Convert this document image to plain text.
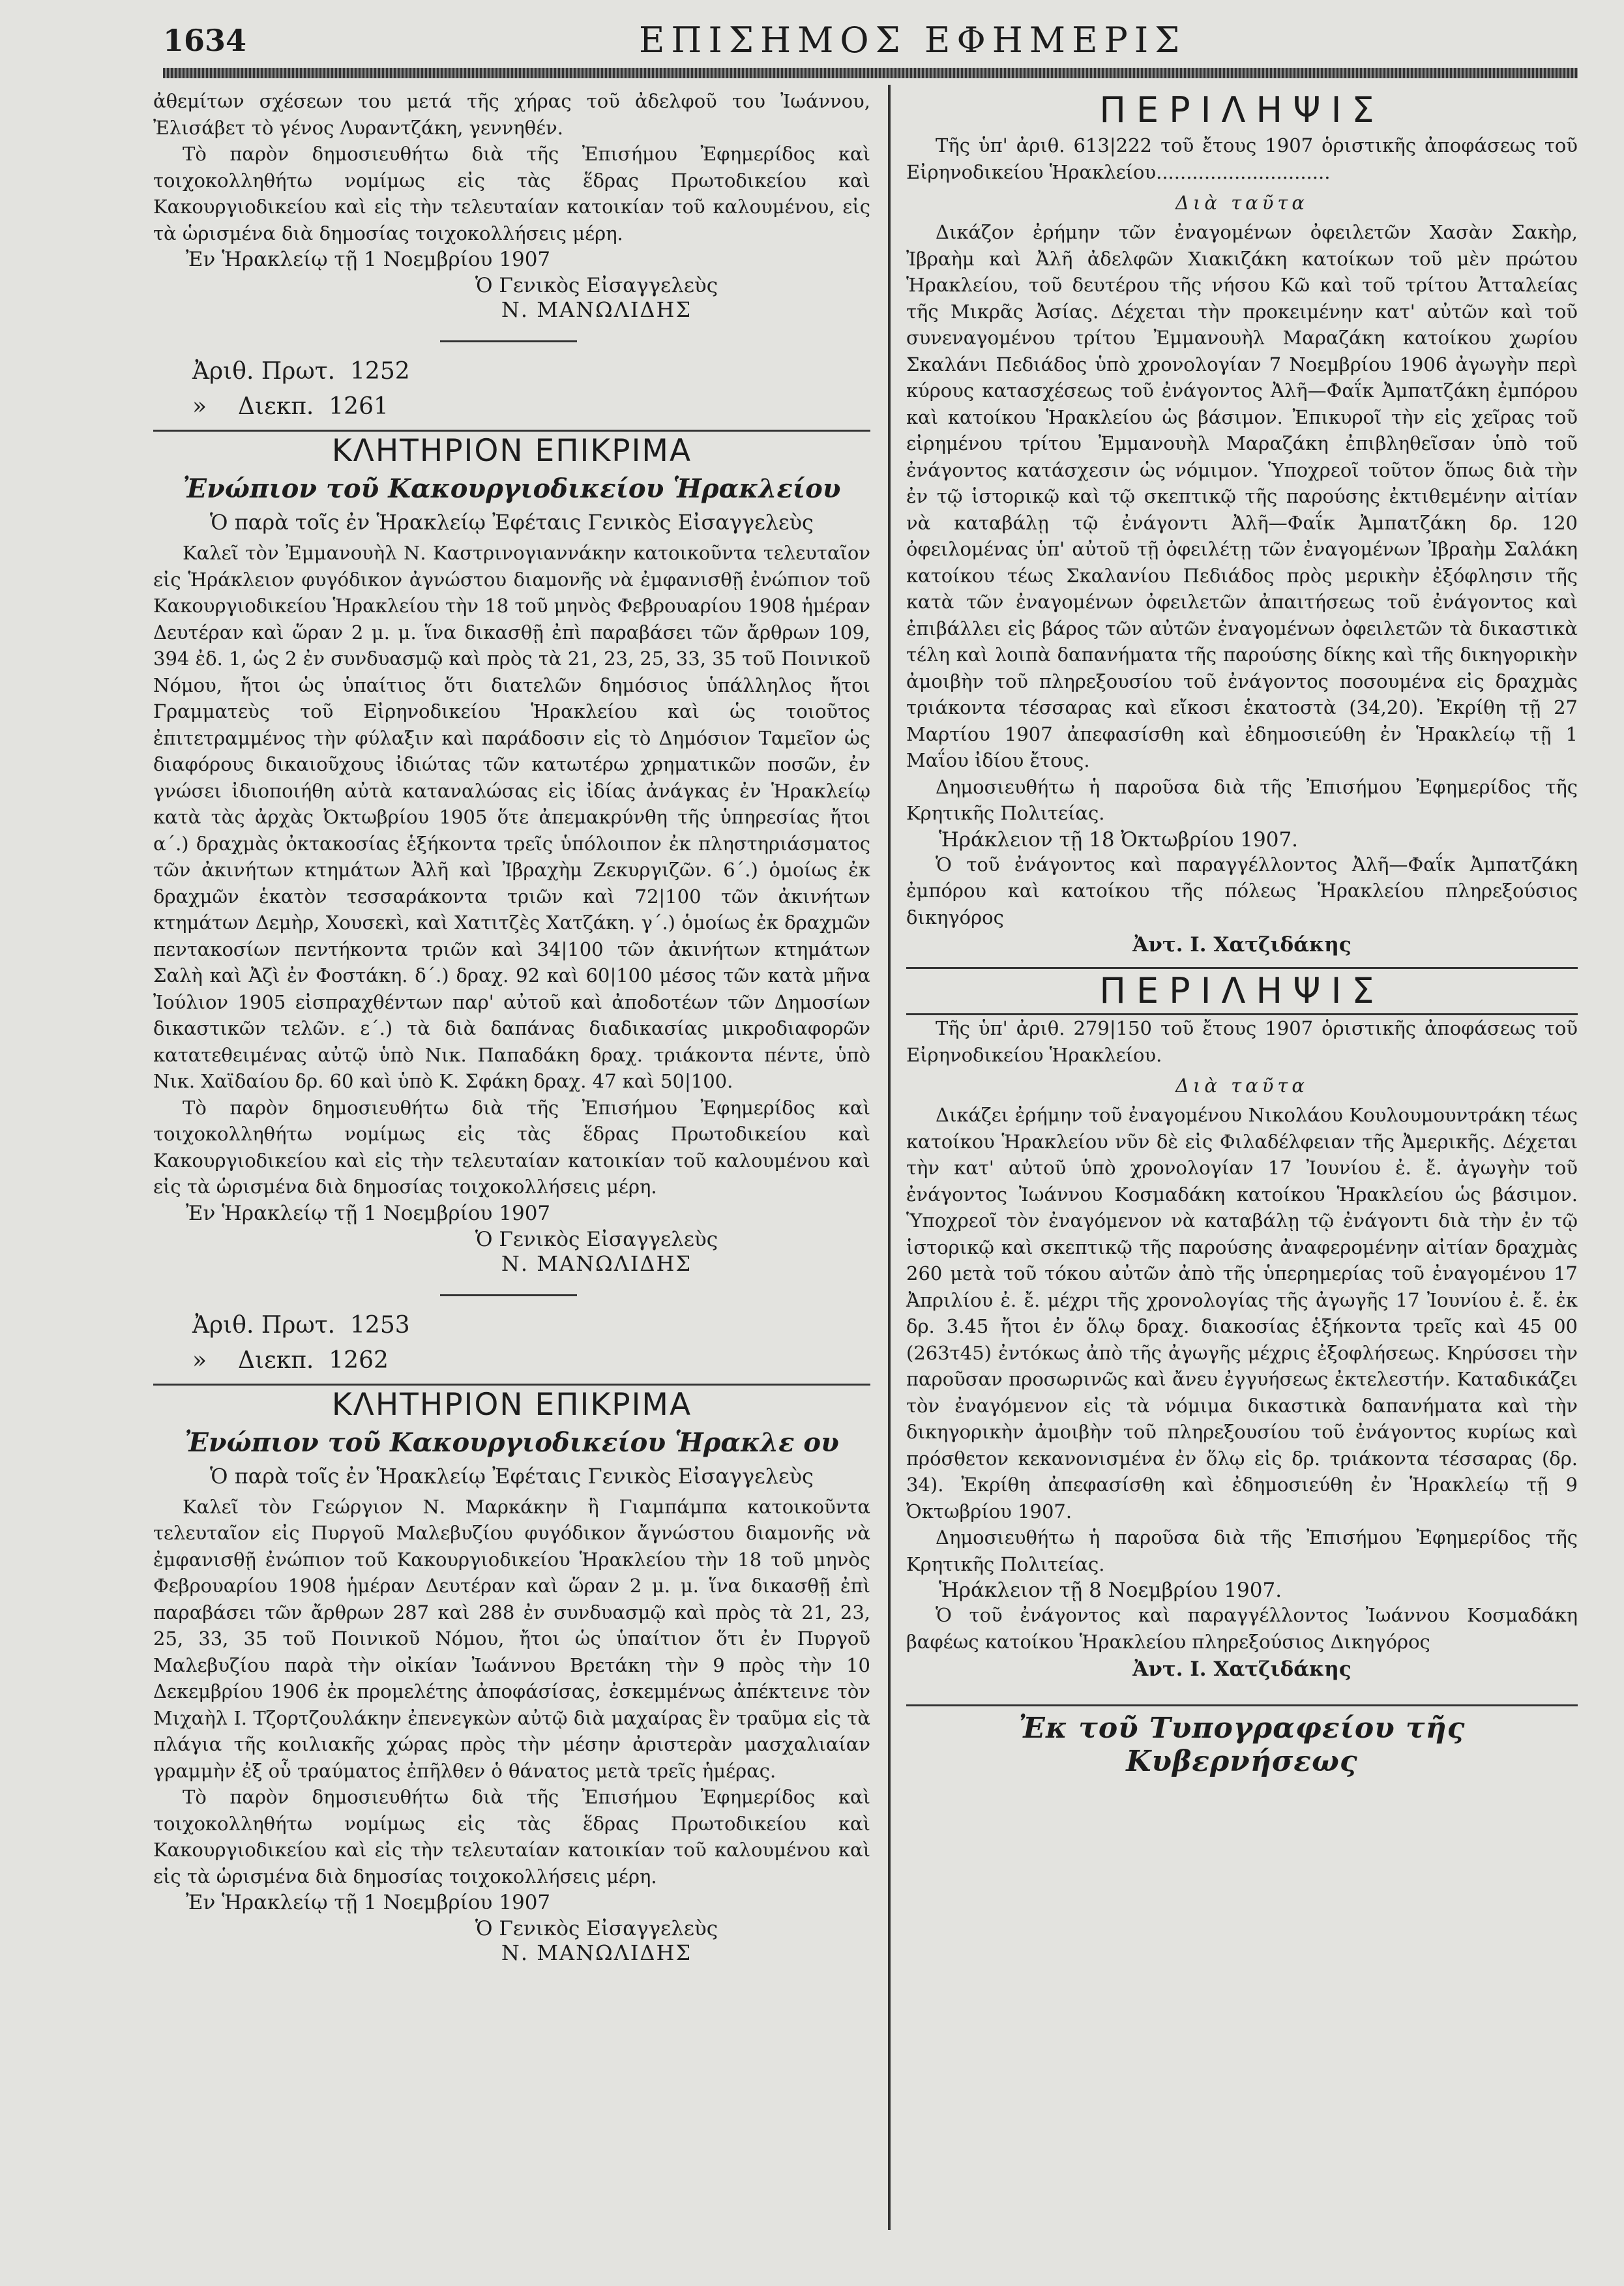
1634	ΕΠΙΣΗΜΟΣ ΕΦΗΜΕΡΙΣ

ἀθεμίτων σχέσεων του μετά τῆς χήρας τοῦ ἀδελφοῦ του Ἰωάννου, Ἐλισάβετ τὸ γένος Λυραντζάκη, γεννηθέν.

Τὸ παρὸν δημοσιευθήτω διὰ τῆς Ἐπισήμου Ἐφημερίδος καὶ τοιχοκολληθήτω νομίμως εἰς τὰς ἕδρας Πρωτοδικείου καὶ Κακουργιοδικείου καὶ εἰς τὴν τελευταίαν κατοικίαν τοῦ καλουμένου, εἰς τὰ ὡρισμένα διὰ δημοσίας τοιχοκολλήσεις μέρη.

Ἐν Ἡρακλείῳ τῇ 1 Νοεμβρίου 1907
Ὁ Γενικὸς Εἰσαγγελεὺς
Ν. ΜΑΝΩΛΙΔΗΣ
Ἀριθ. Πρωτ. 1252
» Διεκπ. 1261
ΚΛΗΤΗΡΙΟΝ ΕΠΙΚΡΙΜΑ
Ἐνώπιον τοῦ Κακουργιοδικείου Ἡρακλείου
Ὁ παρὰ τοῖς ἐν Ἡρακλείῳ Ἐφέταις Γενικὸς Εἰσαγγελεὺς

Καλεῖ τὸν Ἐμμανουὴλ Ν. Καστρινογιαννάκην κατοικοῦντα τελευταῖον εἰς Ἡράκλειον φυγόδικον ἀγνώστου διαμονῆς νὰ ἐμφανισθῇ ἐνώπιον τοῦ Κακουργιοδικείου Ἡρακλείου τὴν 18 τοῦ μηνὸς Φεβρουαρίου 1908 ἡμέραν Δευτέραν καὶ ὥραν 2 μ. μ. ἵνα δικασθῇ ἐπὶ παραβάσει τῶν ἄρθρων 109, 394 ἐδ. 1, ὡς 2 ἐν συνδυασμῷ καὶ πρὸς τὰ 21, 23, 25, 33, 35 τοῦ Ποινικοῦ Νόμου, ἤτοι ὡς ὑπαίτιος ὅτι διατελῶν δημόσιος ὑπάλληλος ἤτοι Γραμματεὺς τοῦ Εἰρηνοδικείου Ἡρακλείου καὶ ὡς τοιοῦτος ἐπιτετραμμένος τὴν φύλαξιν καὶ παράδοσιν εἰς τὸ Δημόσιον Ταμεῖον ὡς διαφόρους δικαιοῦχους ἰδιώτας τῶν κατωτέρω χρηματικῶν ποσῶν, ἐν γνώσει ἰδιοποιήθη αὐτὰ καταναλώσας εἰς ἰδίας ἀνάγκας ἐν Ἡρακλείῳ κατὰ τὰς ἀρχὰς Ὀκτωβρίου 1905 ὅτε ἀπεμακρύνθη τῆς ὑπηρεσίας ἤτοι α΄.) δραχμὰς ὀκτακοσίας ἑξήκοντα τρεῖς ὑπόλοιπον ἐκ πληστηριάσματος τῶν ἀκινήτων κτημάτων Ἀλῆ καὶ Ἰβραχὴμ Ζεκυργιζῶν. 6΄.) ὁμοίως ἐκ δραχμῶν ἑκατὸν τεσσαράκοντα τριῶν καὶ 72|100 τῶν ἀκινήτων κτημάτων Δεμὴρ, Χουσεκὶ, καὶ Χατιτζὲς Χατζάκη. γ΄.) ὁμοίως ἐκ δραχμῶν πεντακοσίων πεντήκοντα τριῶν καὶ 34|100 τῶν ἀκινήτων κτημάτων Σαλὴ καὶ Ἀζὶ ἐν Φοστάκη. δ΄.) δραχ. 92 καὶ 60|100 μέσος τῶν κατὰ μῆνα Ἰούλιον 1905 εἰσπραχθέντων παρ' αὐτοῦ καὶ ἀποδοτέων τῶν Δημοσίων δικαστικῶν τελῶν. ε΄.) τὰ διὰ δαπάνας διαδικασίας μικροδιαφορῶν κατατεθειμένας αὐτῷ ὑπὸ Νικ. Παπαδάκη δραχ. τριάκοντα πέντε, ὑπὸ Νικ. Χαϊδαίου δρ. 60 καὶ ὑπὸ Κ. Σφάκη δραχ. 47 καὶ 50|100.

Τὸ παρὸν δημοσιευθήτω διὰ τῆς Ἐπισήμου Ἐφημερίδος καὶ τοιχοκολληθήτω νομίμως εἰς τὰς ἕδρας Πρωτοδικείου καὶ Κακουργιοδικείου καὶ εἰς τὴν τελευταίαν κατοικίαν τοῦ καλουμένου καὶ εἰς τὰ ὡρισμένα διὰ δημοσίας τοιχοκολλήσεις μέρη.

Ἐν Ἡρακλείῳ τῇ 1 Νοεμβρίου 1907
Ὁ Γενικὸς Εἰσαγγελεὺς
Ν. ΜΑΝΩΛΙΔΗΣ
Ἀριθ. Πρωτ. 1253
» Διεκπ. 1262
ΚΛΗΤΗΡΙΟΝ ΕΠΙΚΡΙΜΑ
Ἐνώπιον τοῦ Κακουργιοδικείου Ἡρακλε ου
Ὁ παρὰ τοῖς ἐν Ἡρακλείῳ Ἐφέταις Γενικὸς Εἰσαγγελεὺς

Καλεῖ τὸν Γεώργιον Ν. Μαρκάκην ἢ Γιαμπάμπα κατοικοῦντα τελευταῖον εἰς Πυργοῦ Μαλεβυζίου φυγόδικον ἄγνώστου διαμονῆς νὰ ἐμφανισθῇ ἐνώπιον τοῦ Κακουργιοδικείου Ἡρακλείου τὴν 18 τοῦ μηνὸς Φεβρουαρίου 1908 ἡμέραν Δευτέραν καὶ ὥραν 2 μ. μ. ἵνα δικασθῇ ἐπὶ παραβάσει τῶν ἄρθρων 287 καὶ 288 ἐν συνδυασμῷ καὶ πρὸς τὰ 21, 23, 25, 33, 35 τοῦ Ποινικοῦ Νόμου, ἤτοι ὡς ὑπαίτιον ὅτι ἐν Πυργοῦ Μαλεβυζίου παρὰ τὴν οἰκίαν Ἰωάννου Βρετάκη τὴν 9 πρὸς τὴν 10 Δεκεμβρίου 1906 ἐκ προμελέτης ἀποφάσίσας, ἐσκεμμένως ἀπέκτεινε τὸν Μιχαὴλ Ι. Τζορτζουλάκην ἐπενεγκὼν αὐτῷ διὰ μαχαίρας ἓν τραῦμα εἰς τὰ πλάγια τῆς κοιλιακῆς χώρας πρὸς τὴν μέσην ἀριστερὰν μασχαλιαίαν γραμμὴν ἐξ οὗ τραύματος ἐπῆλθεν ὁ θάνατος μετὰ τρεῖς ἡμέρας.

Τὸ παρὸν δημοσιευθήτω διὰ τῆς Ἐπισήμου Ἐφημερίδος καὶ τοιχοκολληθήτω νομίμως εἰς τὰς ἕδρας Πρωτοδικείου καὶ Κακουργιοδικείου καὶ εἰς τὴν τελευταίαν κατοικίαν τοῦ καλουμένου καὶ εἰς τὰ ὡρισμένα διὰ δημοσίας τοιχοκολλήσεις μέρη.

Ἐν Ἡρακλείῳ τῇ 1 Νοεμβρίου 1907
Ὁ Γενικὸς Εἰσαγγελεὺς
Ν. ΜΑΝΩΛΙΔΗΣ
ΠΕΡΙΛΗΨΙΣ

Τῆς ὑπ' ἀριθ. 613|222 τοῦ ἔτους 1907 ὁριστικῆς ἀποφάσεως τοῦ Εἰρηνοδικείου Ἡρακλείου.............................

Διὰ ταῦτα

Δικάζον ἐρήμην τῶν ἐναγομένων ὀφειλετῶν Χασὰν Σακὴρ, Ἰβραὴμ καὶ Ἀλῆ ἀδελφῶν Χιακιζάκη κατοίκων τοῦ μὲν πρώτου Ἡρακλείου, τοῦ δευτέρου τῆς νήσου Κῶ καὶ τοῦ τρίτου Ἀτταλείας τῆς Μικρᾶς Ἀσίας. Δέχεται τὴν προκειμένην κατ' αὐτῶν καὶ τοῦ συνεναγομένου τρίτου Ἐμμανουὴλ Μαραζάκη κατοίκου χωρίου Σκαλάνι Πεδιάδος ὑπὸ χρονολογίαν 7 Νοεμβρίου 1906 ἀγωγὴν περὶ κύρους κατασχέσεως τοῦ ἐνάγοντος Ἀλῆ—Φαΐκ Ἀμπατζάκη ἐμπόρου καὶ κατοίκου Ἡρακλείου ὡς βάσιμον. Ἐπικυροῖ τὴν εἰς χεῖρας τοῦ εἰρημένου τρίτου Ἐμμανουὴλ Μαραζάκη ἐπιβληθεῖσαν ὑπὸ τοῦ ἐνάγοντος κατάσχεσιν ὡς νόμιμον. Ὑποχρεοῖ τοῦτον ὅπως διὰ τὴν ἐν τῷ ἱστορικῷ καὶ τῷ σκεπτικῷ τῆς παρούσης ἐκτιθεμένην αἰτίαν νὰ καταβάλῃ τῷ ἐνάγοντι Ἀλῆ—Φαΐκ Ἀμπατζάκη δρ. 120 ὀφειλομένας ὑπ' αὐτοῦ τῇ ὀφειλέτῃ τῶν ἐναγομένων Ἰβραὴμ Σαλάκη κατοίκου τέως Σκαλανίου Πεδιάδος πρὸς μερικὴν ἐξόφλησιν τῆς κατὰ τῶν ἐναγομένων ὀφειλετῶν ἀπαιτήσεως τοῦ ἐνάγοντος καὶ ἐπιβάλλει εἰς βάρος τῶν αὐτῶν ἐναγομένων ὀφειλετῶν τὰ δικαστικὰ τέλη καὶ λοιπὰ δαπανήματα τῆς παρούσης δίκης καὶ τῆς δικηγορικὴν ἀμοιβὴν τοῦ πληρεξουσίου τοῦ ἐνάγοντος ποσουμένα εἰς δραχμὰς τριάκοντα τέσσαρας καὶ εἴκοσι ἑκατοστὰ (34,20). Ἐκρίθη τῇ 27 Μαρτίου 1907 ἀπεφασίσθη καὶ ἐδημοσιεύθη ἐν Ἡρακλείῳ τῇ 1 Μαΐου ἰδίου ἔτους.

Δημοσιευθήτω ἡ παροῦσα διὰ τῆς Ἐπισήμου Ἐφημερίδος τῆς Κρητικῆς Πολιτείας.

Ἡράκλειον τῇ 18 Ὀκτωβρίου 1907.

Ὁ τοῦ ἐνάγοντος καὶ παραγγέλλοντος Ἀλῆ—Φαΐκ Ἀμπατζάκη ἐμπόρου καὶ κατοίκου τῆς πόλεως Ἡρακλείου πληρεξούσιος δικηγόρος

Ἀντ. Ι. Χατζιδάκης
ΠΕΡΙΛΗΨΙΣ

Τῆς ὑπ' ἀριθ. 279|150 τοῦ ἔτους 1907 ὁριστικῆς ἀποφάσεως τοῦ Εἰρηνοδικείου Ἡρακλείου.

Διὰ ταῦτα

Δικάζει ἐρήμην τοῦ ἐναγομένου Νικολάου Κουλουμουντράκη τέως κατοίκου Ἡρακλείου νῦν δὲ εἰς Φιλαδέλφειαν τῆς Ἀμερικῆς. Δέχεται τὴν κατ' αὐτοῦ ὑπὸ χρονολογίαν 17 Ἰουνίου ἐ. ἔ. ἀγωγὴν τοῦ ἐνάγοντος Ἰωάννου Κοσμαδάκη κατοίκου Ἡρακλείου ὡς βάσιμον. Ὑποχρεοῖ τὸν ἐναγόμενον νὰ καταβάλῃ τῷ ἐνάγοντι διὰ τὴν ἐν τῷ ἱστορικῷ καὶ σκεπτικῷ τῆς παρούσης ἀναφερομένην αἰτίαν δραχμὰς 260 μετὰ τοῦ τόκου αὐτῶν ἀπὸ τῆς ὑπερημερίας τοῦ ἐναγομένου 17 Ἀπριλίου ἐ. ἔ. μέχρι τῆς χρονολογίας τῆς ἀγωγῆς 17 Ἰουνίου ἐ. ἔ. ἐκ δρ. 3.45 ἤτοι ἐν ὅλῳ δραχ. διακοσίας ἑξήκοντα τρεῖς καὶ 45 00 (263τ45) ἐντόκως ἀπὸ τῆς ἀγωγῆς μέχρις ἐξοφλήσεως. Κηρύσσει τὴν παροῦσαν προσωρινῶς καὶ ἄνευ ἐγγυήσεως ἐκτελεστήν. Καταδικάζει τὸν ἐναγόμενον εἰς τὰ νόμιμα δικαστικὰ δαπανήματα καὶ τὴν δικηγορικὴν ἀμοιβὴν τοῦ πληρεξουσίου τοῦ ἐνάγοντος κυρίως καὶ πρόσθετον κεκανονισμένα ἐν ὅλῳ εἰς δρ. τριάκοντα τέσσαρας (δρ. 34). Ἐκρίθη ἀπεφασίσθη καὶ ἐδημοσιεύθη ἐν Ἡρακλείῳ τῇ 9 Ὀκτωβρίου 1907.

Δημοσιευθήτω ἡ παροῦσα διὰ τῆς Ἐπισήμου Ἐφημερίδος τῆς Κρητικῆς Πολιτείας.

Ἡράκλειον τῇ 8 Νοεμβρίου 1907.

Ὁ τοῦ ἐνάγοντος καὶ παραγγέλλοντος Ἰωάννου Κοσμαδάκη βαφέως κατοίκου Ἡρακλείου πληρεξούσιος Δικηγόρος

Ἀντ. Ι. Χατζιδάκης
Ἐκ τοῦ Τυπογραφείου τῆς Κυβερνήσεως
